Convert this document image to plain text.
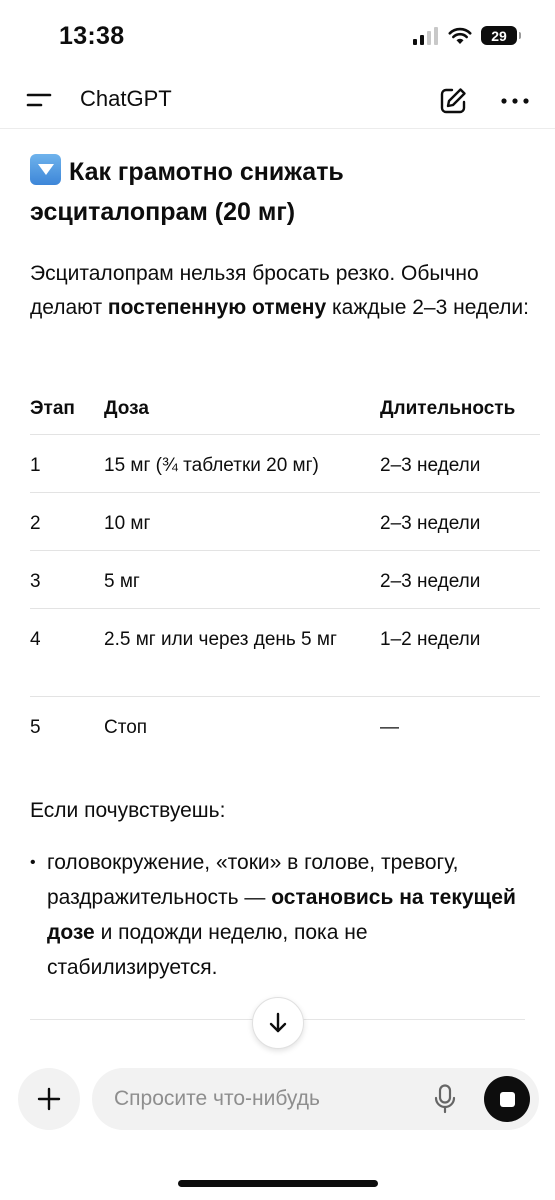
13:38	29
ChatGPT
Как грамотно снижать эсциталопрам (20 мг)
Эсциталопрам нельзя бросать резко. Обычно делают постепенную отмену каждые 2–3 недели:
Этап	Доза	Длительность
1	15 мг (¾ таблетки 20 мг)	2–3 недели
2	10 мг	2–3 недели
3	5 мг	2–3 недели
4	2.5 мг или через день 5 мг	1–2 недели
5	Стоп	—
Если почувствуешь:
• головокружение, «токи» в голове, тревогу, раздражительность — остановись на текущей дозе и подожди неделю, пока не стабилизируется.
Спросите что-нибудь
